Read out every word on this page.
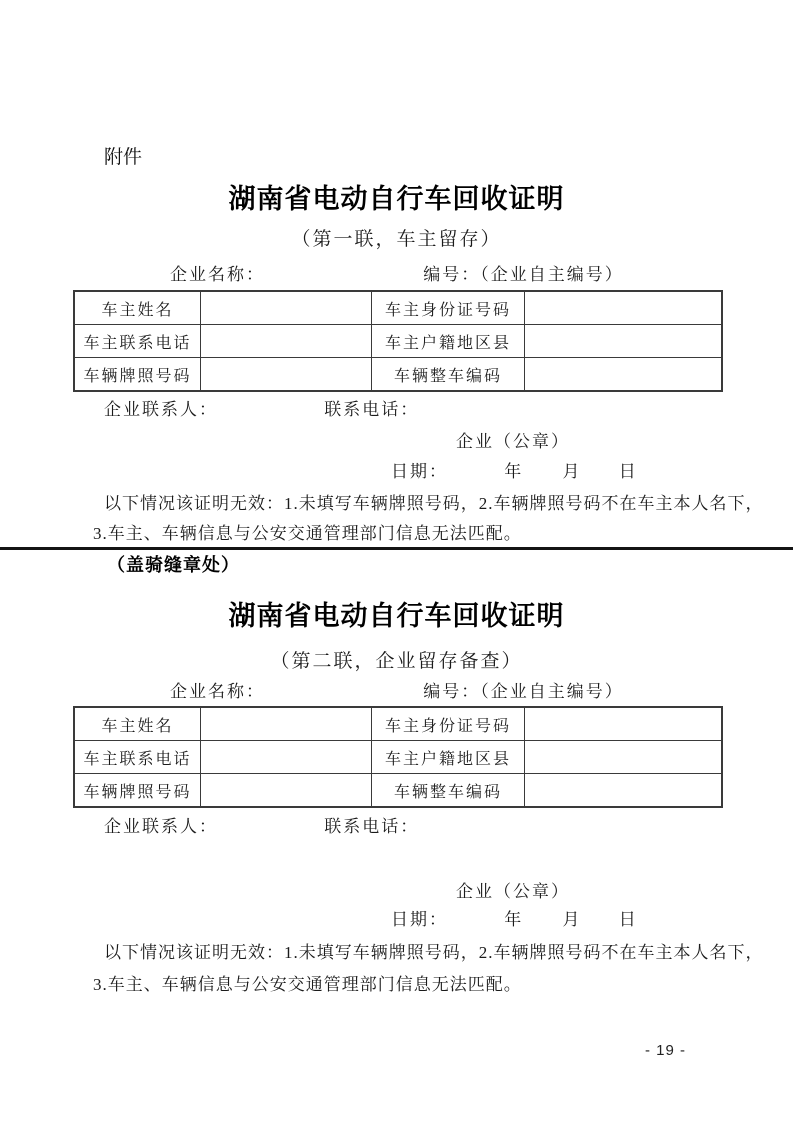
附件
湖南省电动自行车回收证明
（第一联，车主留存）
企业名称：	编号：（企业自主编号）
车主姓名		车主身份证号码	
车主联系电话		车主户籍地区县	
车辆牌照号码		车辆整车编码	
企业联系人：	联系电话：
企业（公章）
日期：	年 月 日
以下情况该证明无效：1.未填写车辆牌照号码，2.车辆牌照号码不在车主本人名下，
3.车主、车辆信息与公安交通管理部门信息无法匹配。
（盖骑缝章处）
湖南省电动自行车回收证明
（第二联，企业留存备查）
企业名称：	编号：（企业自主编号）
车主姓名		车主身份证号码	
车主联系电话		车主户籍地区县	
车辆牌照号码		车辆整车编码	
企业联系人：	联系电话：
企业（公章）
日期：	年 月 日
以下情况该证明无效：1.未填写车辆牌照号码，2.车辆牌照号码不在车主本人名下，
3.车主、车辆信息与公安交通管理部门信息无法匹配。
- 19 -
